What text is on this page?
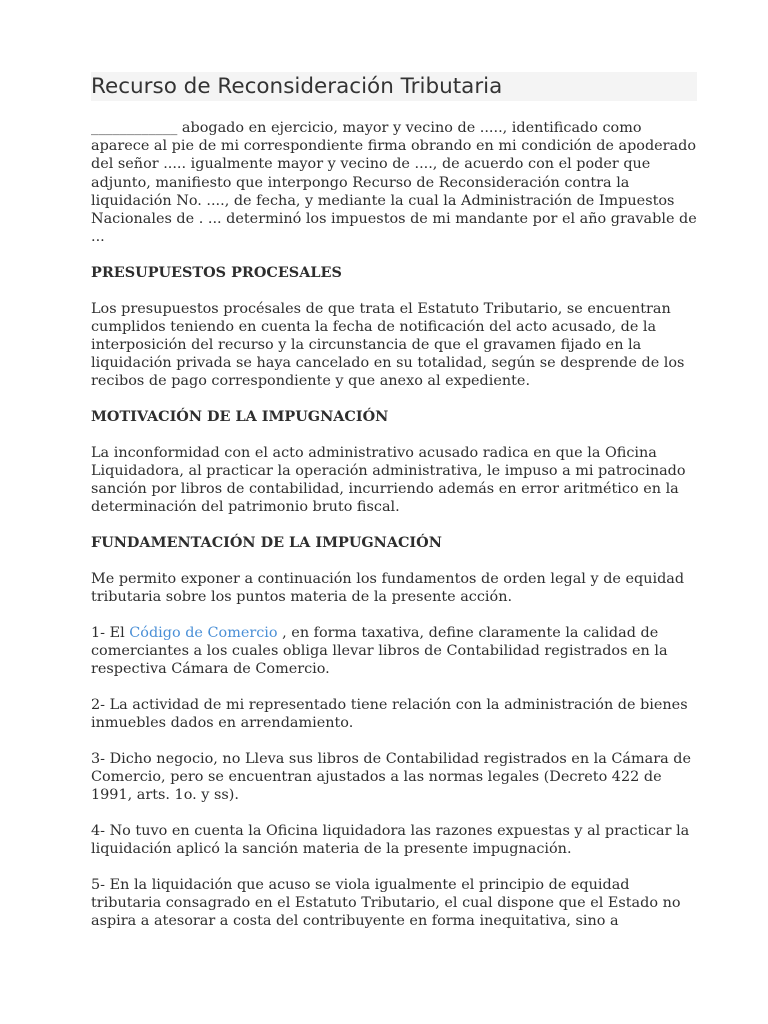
Recurso de Reconsideración Tributaria

____________ abogado en ejercicio, mayor y vecino de ....., identificado como aparece al pie de mi correspondiente firma obrando en mi condición de apoderado del señor ..... igualmente mayor y vecino de ...., de acuerdo con el poder que adjunto, manifiesto que interpongo Recurso de Reconsideración contra la liquidación No. ...., de fecha, y mediante la cual la Administración de Impuestos Nacionales de . ... determinó los impuestos de mi mandante por el año gravable de ...

PRESUPUESTOS PROCESALES

Los presupuestos procésales de que trata el Estatuto Tributario, se encuentran cumplidos teniendo en cuenta la fecha de notificación del acto acusado, de la interposición del recurso y la circunstancia de que el gravamen fijado en la liquidación privada se haya cancelado en su totalidad, según se desprende de los recibos de pago correspondiente y que anexo al expediente.

MOTIVACIÓN DE LA IMPUGNACIÓN

La inconformidad con el acto administrativo acusado radica en que la Oficina Liquidadora, al practicar la operación administrativa, le impuso a mi patrocinado sanción por libros de contabilidad, incurriendo además en error aritmético en la determinación del patrimonio bruto fiscal.

FUNDAMENTACIÓN DE LA IMPUGNACIÓN

Me permito exponer a continuación los fundamentos de orden legal y de equidad tributaria sobre los puntos materia de la presente acción.

1- El Código de Comercio , en forma taxativa, define claramente la calidad de comerciantes a los cuales obliga llevar libros de Contabilidad registrados en la respectiva Cámara de Comercio.

2- La actividad de mi representado tiene relación con la administración de bienes inmuebles dados en arrendamiento.

3- Dicho negocio, no Lleva sus libros de Contabilidad registrados en la Cámara de Comercio, pero se encuentran ajustados a las normas legales (Decreto 422 de 1991, arts. 1o. y ss).

4- No tuvo en cuenta la Oficina liquidadora las razones expuestas y al practicar la liquidación aplicó la sanción materia de la presente impugnación.

5- En la liquidación que acuso se viola igualmente el principio de equidad tributaria consagrado en el Estatuto Tributario, el cual dispone que el Estado no aspira a atesorar a costa del contribuyente en forma inequitativa, sino a
